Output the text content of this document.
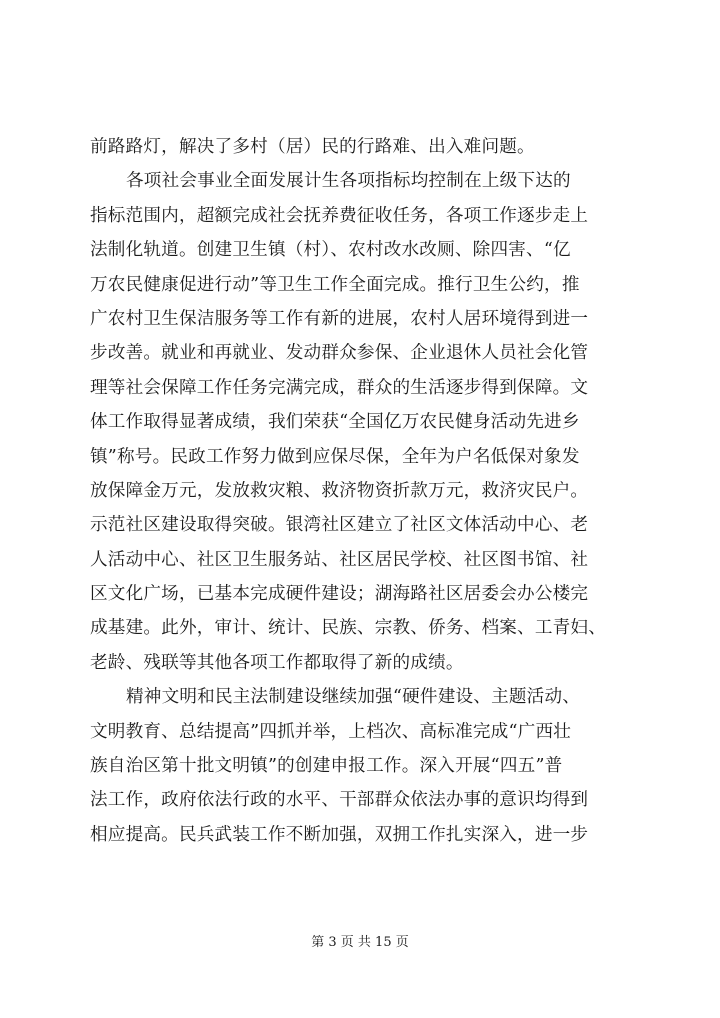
前路路灯，解决了多村（居）民的行路难、出入难问题。
各项社会事业全面发展计生各项指标均控制在上级下达的
指标范围内，超额完成社会抚养费征收任务，各项工作逐步走上
法制化轨道。创建卫生镇（村）、农村改水改厕、除四害、“亿
万农民健康促进行动”等卫生工作全面完成。推行卫生公约，推
广农村卫生保洁服务等工作有新的进展，农村人居环境得到进一
步改善。就业和再就业、发动群众参保、企业退休人员社会化管
理等社会保障工作任务完满完成，群众的生活逐步得到保障。文
体工作取得显著成绩，我们荣获“全国亿万农民健身活动先进乡
镇”称号。民政工作努力做到应保尽保，全年为户名低保对象发
放保障金万元，发放救灾粮、救济物资折款万元，救济灾民户。
示范社区建设取得突破。银湾社区建立了社区文体活动中心、老
人活动中心、社区卫生服务站、社区居民学校、社区图书馆、社
区文化广场，已基本完成硬件建设；湖海路社区居委会办公楼完
成基建。此外，审计、统计、民族、宗教、侨务、档案、工青妇、
老龄、残联等其他各项工作都取得了新的成绩。
精神文明和民主法制建设继续加强“硬件建设、主题活动、
文明教育、总结提高”四抓并举，上档次、高标准完成“广西壮
族自治区第十批文明镇”的创建申报工作。深入开展“四五”普
法工作，政府依法行政的水平、干部群众依法办事的意识均得到
相应提高。民兵武装工作不断加强，双拥工作扎实深入，进一步
第 3 页 共 15 页
